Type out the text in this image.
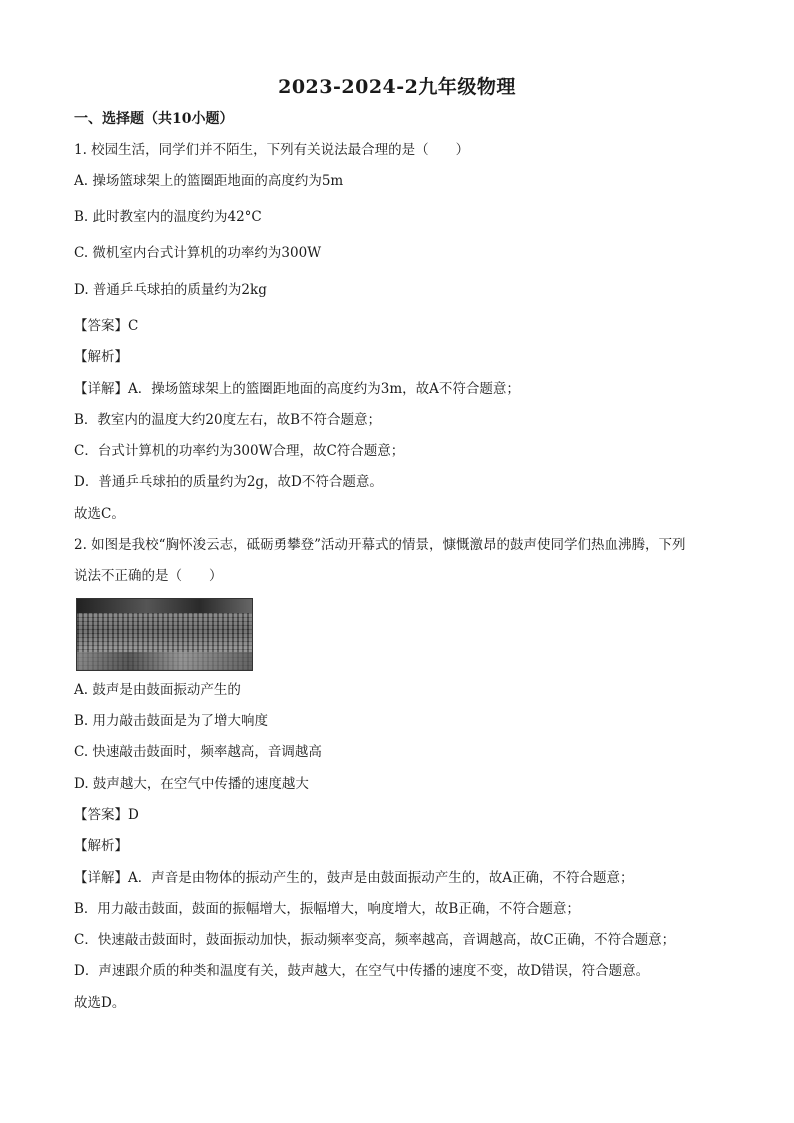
2023-2024-2九年级物理
一、选择题（共10小题）
1. 校园生活，同学们并不陌生，下列有关说法最合理的是（　　）
A. 操场篮球架上的篮圈距地面的高度约为5m
B. 此时教室内的温度约为42°C
C. 微机室内台式计算机的功率约为300W
D. 普通乒乓球拍的质量约为2kg
【答案】C
【解析】
【详解】A．操场篮球架上的篮圈距地面的高度约为3m，故A不符合题意；
B．教室内的温度大约20度左右，故B不符合题意；
C．台式计算机的功率约为300W合理，故C符合题意；
D．普通乒乓球拍的质量约为2g，故D不符合题意。
故选C。
2. 如图是我校“胸怀浚云志，砥砺勇攀登”活动开幕式的情景，慷慨激昂的鼓声使同学们热血沸腾，下列
说法不正确的是（　　）
A. 鼓声是由鼓面振动产生的
B. 用力敲击鼓面是为了增大响度
C. 快速敲击鼓面时，频率越高，音调越高
D. 鼓声越大，在空气中传播的速度越大
【答案】D
【解析】
【详解】A．声音是由物体的振动产生的，鼓声是由鼓面振动产生的，故A正确，不符合题意；
B．用力敲击鼓面，鼓面的振幅增大，振幅增大，响度增大，故B正确，不符合题意；
C．快速敲击鼓面时，鼓面振动加快，振动频率变高，频率越高，音调越高，故C正确，不符合题意；
D．声速跟介质的种类和温度有关，鼓声越大，在空气中传播的速度不变，故D错误，符合题意。
故选D。
